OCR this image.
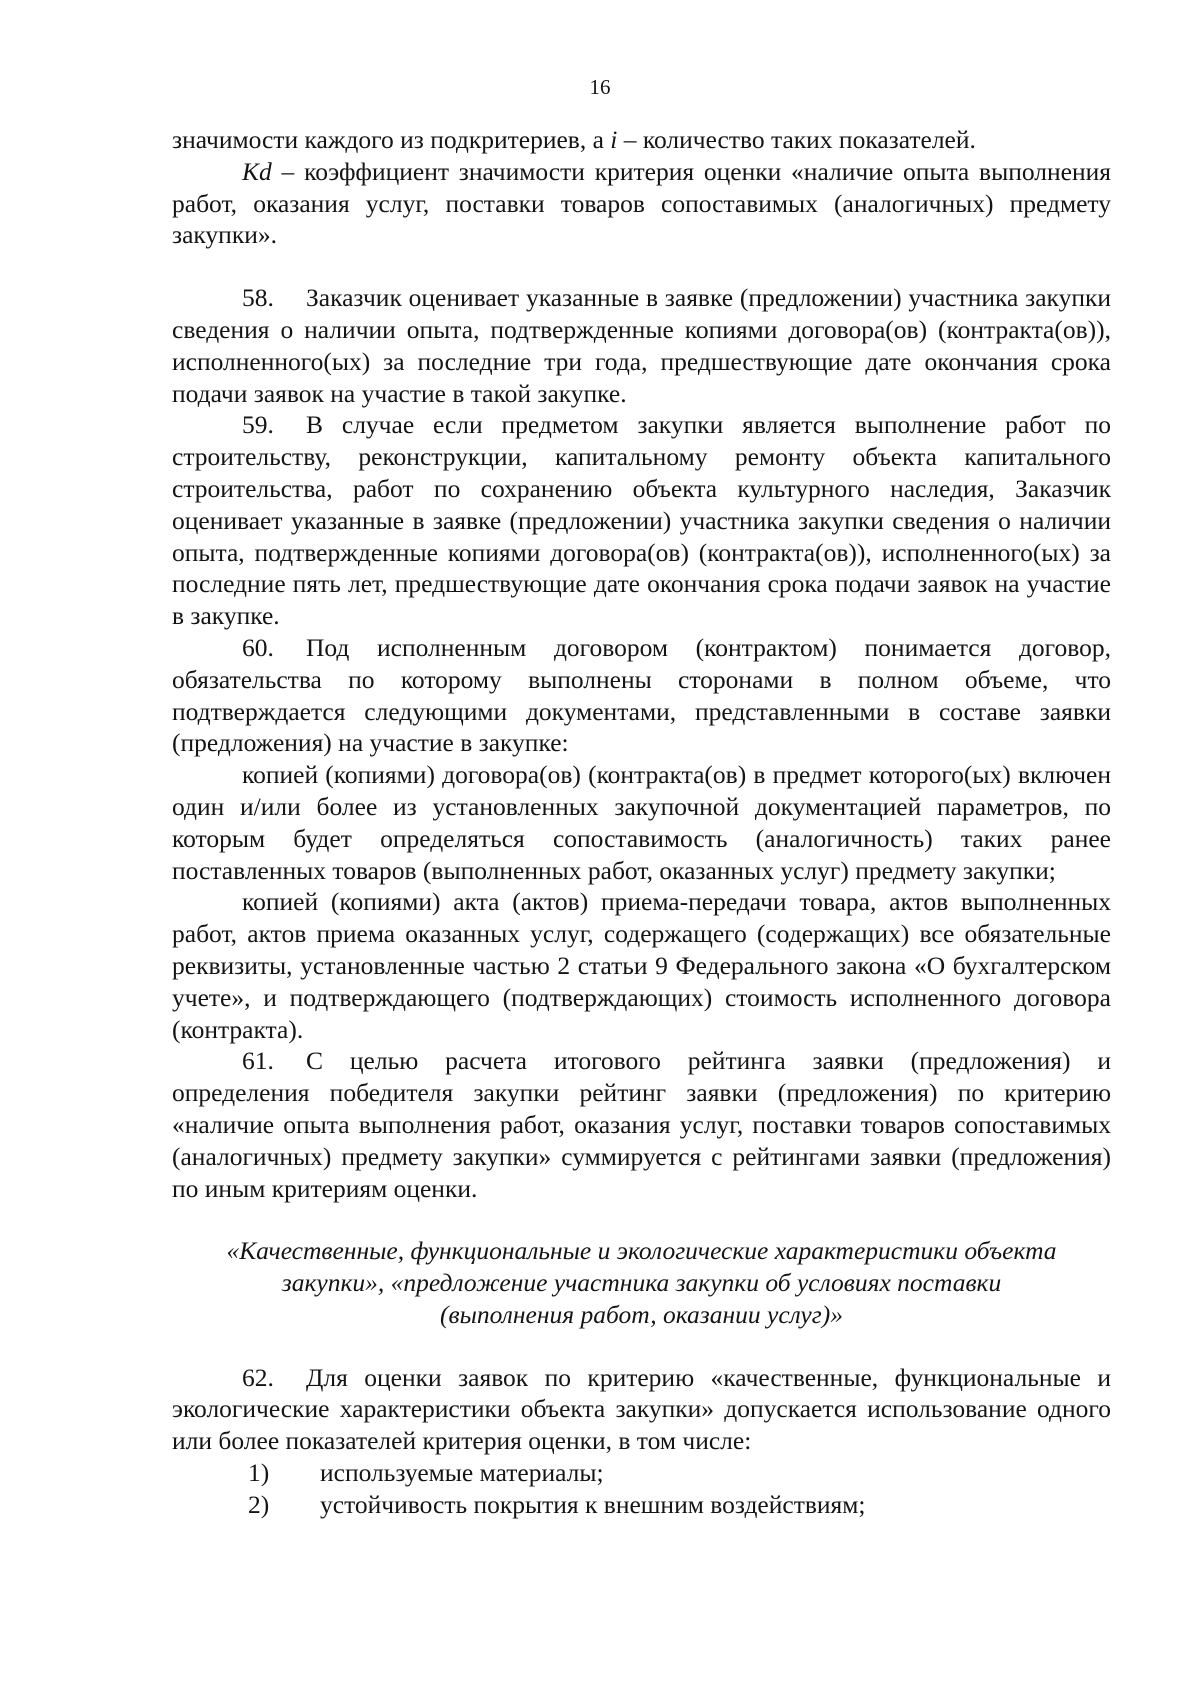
16

значимости каждого из подкритериев, а i – количество таких показателей.

Kd – коэффициент значимости критерия оценки «наличие опыта выполнения работ, оказания услуг, поставки товаров сопоставимых (аналогичных) предмету закупки».

58. Заказчик оценивает указанные в заявке (предложении) участника закупки сведения о наличии опыта, подтвержденные копиями договора(ов) (контракта(ов)), исполненного(ых) за последние три года, предшествующие дате окончания срока подачи заявок на участие в такой закупке.

59. В случае если предметом закупки является выполнение работ по строительству, реконструкции, капитальному ремонту объекта капитального строительства, работ по сохранению объекта культурного наследия, Заказчик оценивает указанные в заявке (предложении) участника закупки сведения о наличии опыта, подтвержденные копиями договора(ов) (контракта(ов)), исполненного(ых) за последние пять лет, предшествующие дате окончания срока подачи заявок на участие в закупке.

60. Под исполненным договором (контрактом) понимается договор, обязательства по которому выполнены сторонами в полном объеме, что подтверждается следующими документами, представленными в составе заявки (предложения) на участие в закупке:

копией (копиями) договора(ов) (контракта(ов) в предмет которого(ых) включен один и/или более из установленных закупочной документацией параметров, по которым будет определяться сопоставимость (аналогичность) таких ранее поставленных товаров (выполненных работ, оказанных услуг) предмету закупки;

копией (копиями) акта (актов) приема-передачи товара, актов выполненных работ, актов приема оказанных услуг, содержащего (содержащих) все обязательные реквизиты, установленные частью 2 статьи 9 Федерального закона «О бухгалтерском учете», и подтверждающего (подтверждающих) стоимость исполненного договора (контракта).

61. С целью расчета итогового рейтинга заявки (предложения) и определения победителя закупки рейтинг заявки (предложения) по критерию «наличие опыта выполнения работ, оказания услуг, поставки товаров сопоставимых (аналогичных) предмету закупки» суммируется с рейтингами заявки (предложения) по иным критериям оценки.

«Качественные, функциональные и экологические характеристики объекта закупки», «предложение участника закупки об условиях поставки
(выполнения работ, оказании услуг)»

62. Для оценки заявок по критерию «качественные, функциональные и экологические характеристики объекта закупки» допускается использование одного или более показателей критерия оценки, в том числе:

1) используемые материалы;

2) устойчивость покрытия к внешним воздействиям;
